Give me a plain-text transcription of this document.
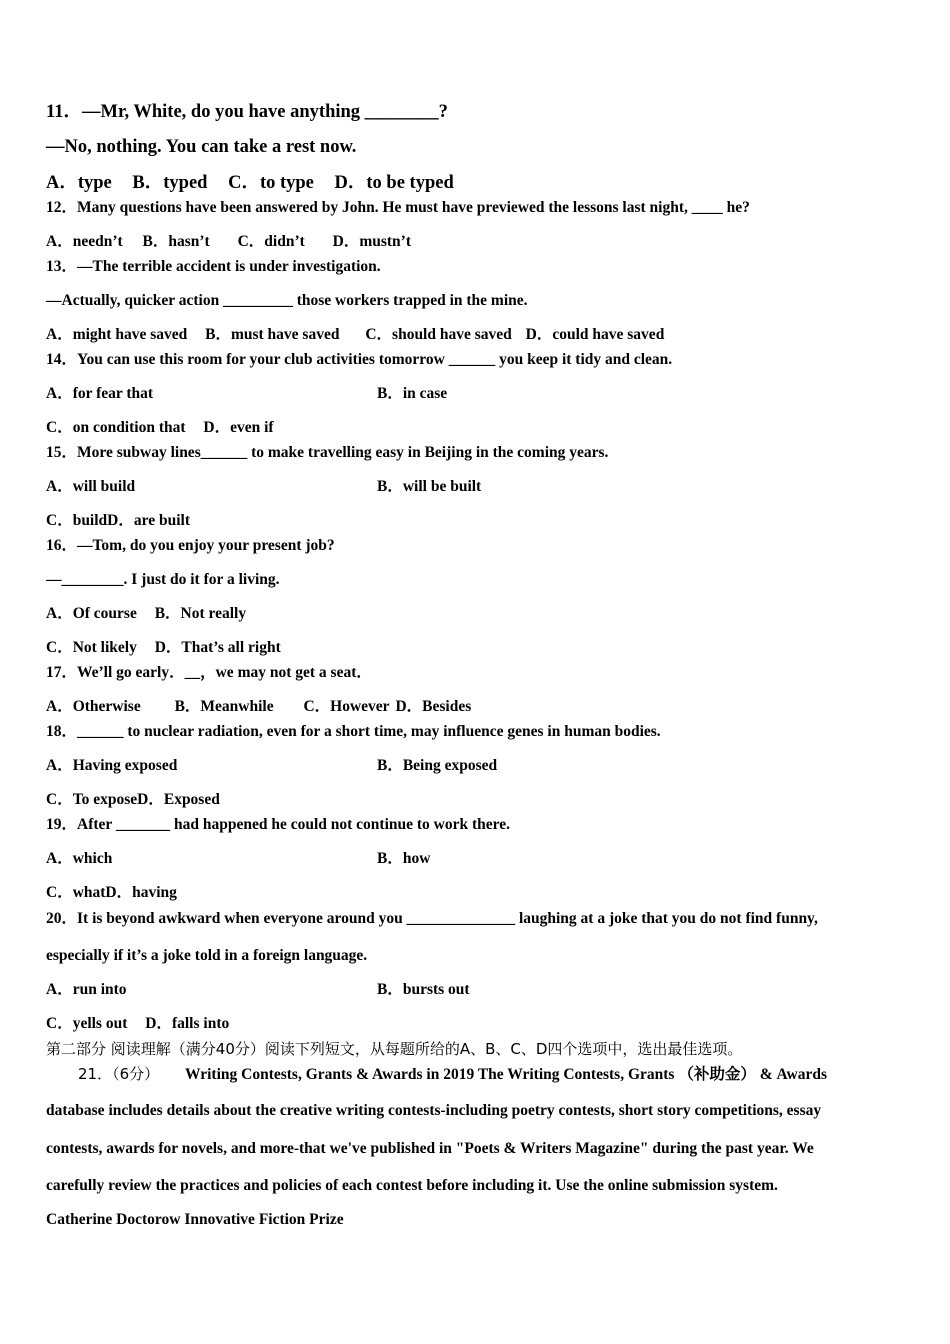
11．—Mr, White, do you have anything ________?
—No, nothing. You can take a rest now.
A．type B．typed C．to type D．to be typed
12．Many questions have been answered by John. He must have previewed the lessons last night, ____ he?
A．needn’t B．hasn’t C．didn’t D．mustn’t
13．—The terrible accident is under investigation.
—Actually, quicker action _________ those workers trapped in the mine.
A．might have saved B．must have saved C．should have saved D．could have saved
14．You can use this room for your club activities tomorrow ______ you keep it tidy and clean.
A．for fear that	B．in case
C．on condition that D．even if
15．More subway lines______ to make travelling easy in Beijing in the coming years.
A．will build	B．will be built
C．buildD．are built
16．—Tom, do you enjoy your present job?
—________. I just do it for a living.
A．Of course B．Not really
C．Not likely D．That’s all right
17．We’ll go early．__，we may not get a seat．
A．Otherwise B．Meanwhile C．However D．Besides
18．______ to nuclear radiation, even for a short time, may influence genes in human bodies.
A．Having exposed	B．Being exposed
C．To exposeD．Exposed
19．After _______ had happened he could not continue to work there.
A．which	B．how
C．whatD．having
20．It is beyond awkward when everyone around you ______________ laughing at a joke that you do not find funny,
especially if it’s a joke told in a foreign language.
A．run into	B．bursts out
C．yells out D．falls into
第二部分 阅读理解（满分40分）阅读下列短文，从每题所给的A、B、C、D四个选项中，选出最佳选项。
21．（6分） Writing Contests, Grants & Awards in 2019 The Writing Contests, Grants （补助金） & Awards
database includes details about the creative writing contests-including poetry contests, short story competitions, essay
contests, awards for novels, and more-that we've published in "Poets & Writers Magazine" during the past year. We
carefully review the practices and policies of each contest before including it. Use the online submission system.
Catherine Doctorow Innovative Fiction Prize
